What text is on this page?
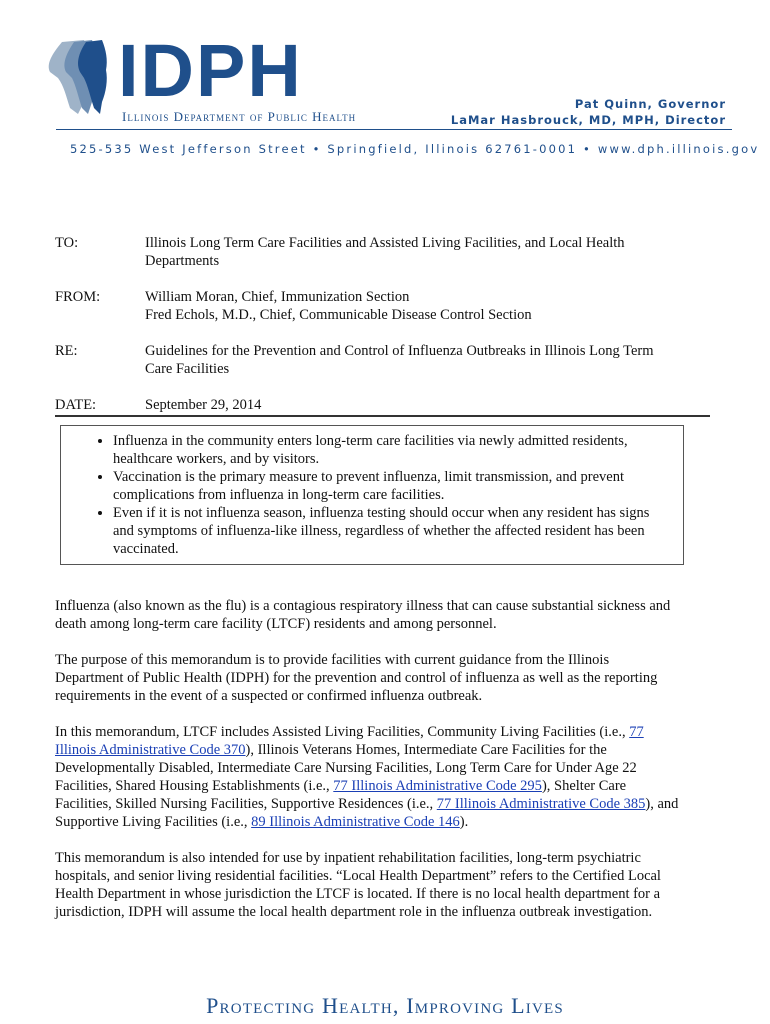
IDPH
Illinois Department of Public Health
Pat Quinn, Governor
LaMar Hasbrouck, MD, MPH, Director
525-535 West Jefferson Street • Springfield, Illinois 62761-0001 • www.dph.illinois.gov
TO:	Illinois Long Term Care Facilities and Assisted Living Facilities, and Local Health
Departments
FROM:	William Moran, Chief, Immunization Section
Fred Echols, M.D., Chief, Communicable Disease Control Section
RE:	Guidelines for the Prevention and Control of Influenza Outbreaks in Illinois Long Term
Care Facilities
DATE:	September 29, 2014
• Influenza in the community enters long-term care facilities via newly admitted residents,
healthcare workers, and by visitors.
• Vaccination is the primary measure to prevent influenza, limit transmission, and prevent
complications from influenza in long-term care facilities.
• Even if it is not influenza season, influenza testing should occur when any resident has signs
and symptoms of influenza-like illness, regardless of whether the affected resident has been
vaccinated.

Influenza (also known as the flu) is a contagious respiratory illness that can cause substantial sickness and
death among long-term care facility (LTCF) residents and among personnel.

The purpose of this memorandum is to provide facilities with current guidance from the Illinois
Department of Public Health (IDPH) for the prevention and control of influenza as well as the reporting
requirements in the event of a suspected or confirmed influenza outbreak.

In this memorandum, LTCF includes Assisted Living Facilities, Community Living Facilities (i.e., 77
Illinois Administrative Code 370), Illinois Veterans Homes, Intermediate Care Facilities for the
Developmentally Disabled, Intermediate Care Nursing Facilities, Long Term Care for Under Age 22
Facilities, Shared Housing Establishments (i.e., 77 Illinois Administrative Code 295), Shelter Care
Facilities, Skilled Nursing Facilities, Supportive Residences (i.e., 77 Illinois Administrative Code 385), and
Supportive Living Facilities (i.e., 89 Illinois Administrative Code 146).

This memorandum is also intended for use by inpatient rehabilitation facilities, long-term psychiatric
hospitals, and senior living residential facilities. “Local Health Department” refers to the Certified Local
Health Department in whose jurisdiction the LTCF is located. If there is no local health department for a
jurisdiction, IDPH will assume the local health department role in the influenza outbreak investigation.

Protecting Health, Improving Lives
